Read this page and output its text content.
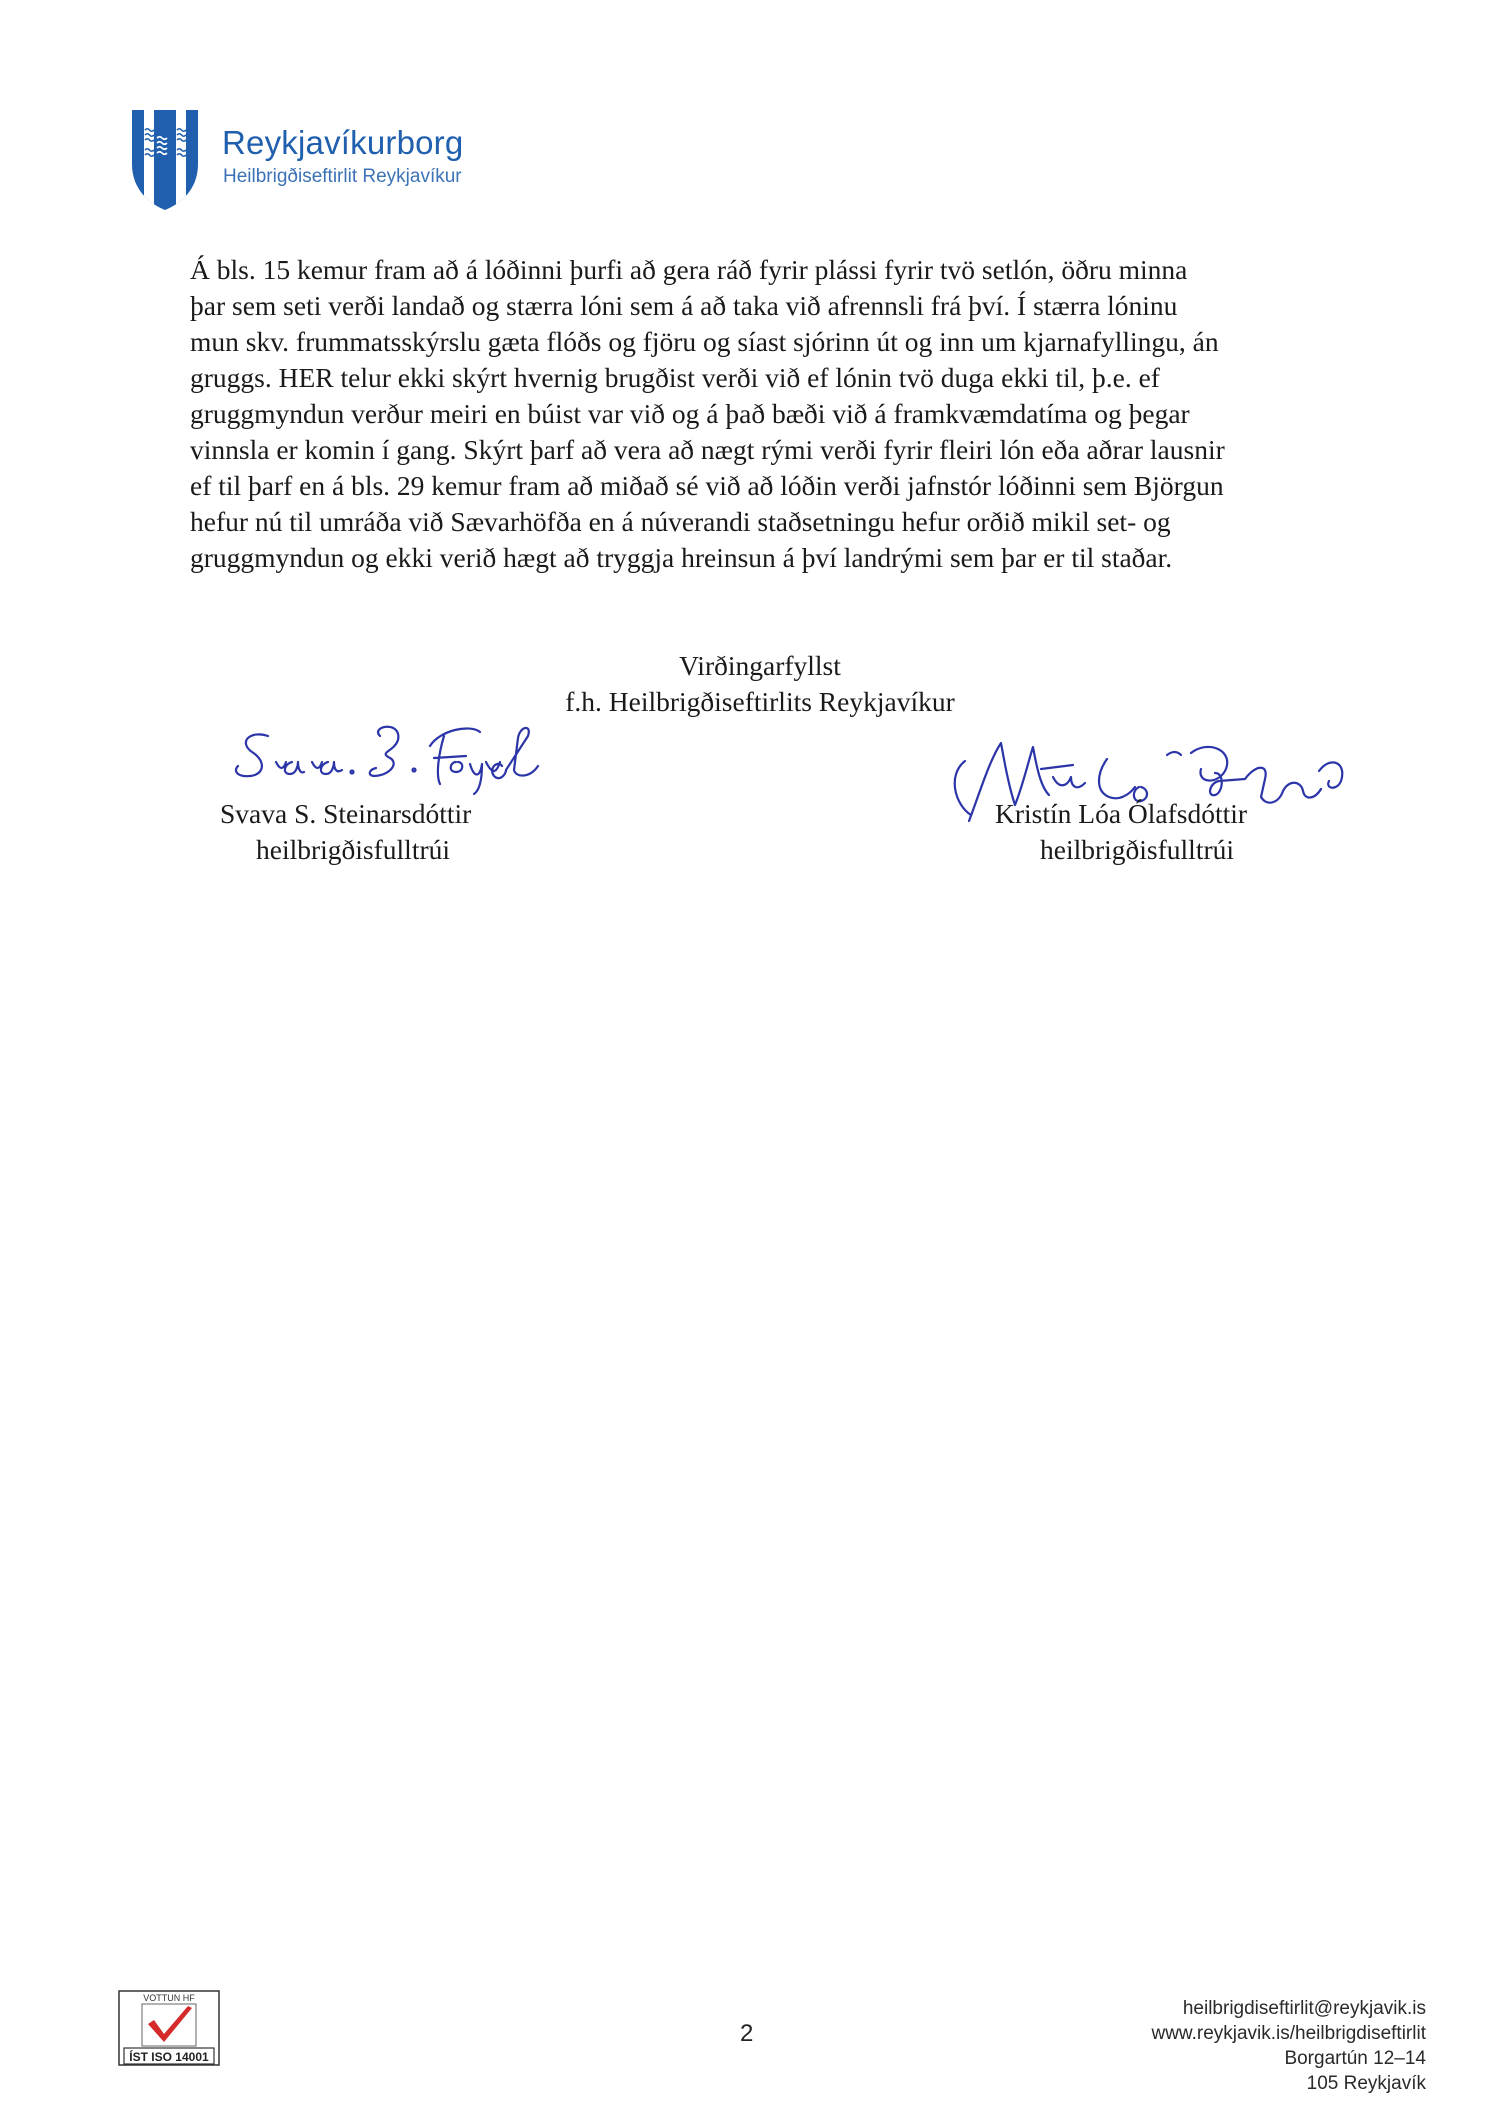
Reykjavíkurborg
Heilbrigðiseftirlit Reykjavíkur

Á bls. 15 kemur fram að á lóðinni þurfi að gera ráð fyrir plássi fyrir tvö setlón, öðru minna
þar sem seti verði landað og stærra lóni sem á að taka við afrennsli frá því. Í stærra lóninu
mun skv. frummatsskýrslu gæta flóðs og fjöru og síast sjórinn út og inn um kjarnafyllingu, án
gruggs. HER telur ekki skýrt hvernig brugðist verði við ef lónin tvö duga ekki til, þ.e. ef
gruggmyndun verður meiri en búist var við og á það bæði við á framkvæmdatíma og þegar
vinnsla er komin í gang. Skýrt þarf að vera að nægt rými verði fyrir fleiri lón eða aðrar lausnir
ef til þarf en á bls. 29 kemur fram að miðað sé við að lóðin verði jafnstór lóðinni sem Björgun
hefur nú til umráða við Sævarhöfða en á núverandi staðsetningu hefur orðið mikil set- og
gruggmyndun og ekki verið hægt að tryggja hreinsun á því landrými sem þar er til staðar.

Virðingarfyllst
f.h. Heilbrigðiseftirlits Reykjavíkur
Svava S. Steinarsdóttir
heilbrigðisfulltrúi
Kristín Lóa Ólafsdóttir
heilbrigðisfulltrúi
VOTTUN HF
ÍST ISO 14001
2
heilbrigdiseftirlit@reykjavik.is
www.reykjavik.is/heilbrigdiseftirlit
Borgartún 12–14
105 Reykjavík
